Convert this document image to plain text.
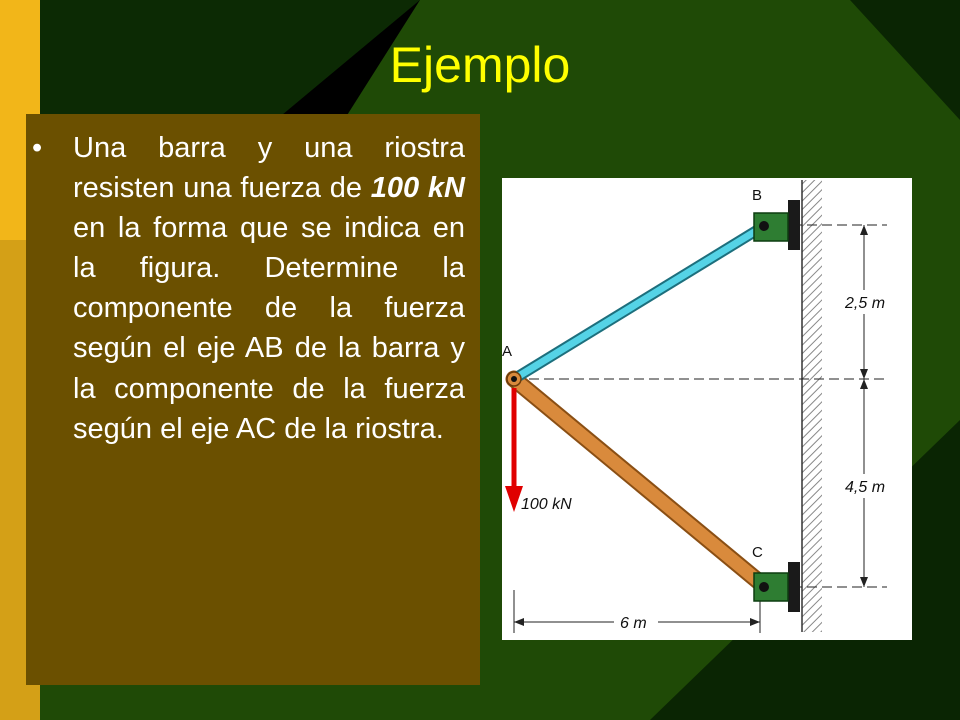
Ejemplo
• Una barra y una riostra resisten una fuerza de 100 kN en la forma que se indica en la figura. Determine la componente de la fuerza según el eje AB de la barra y la componente de la fuerza según el eje AC de la riostra.
2,5 m
4,5 m
6 m
B
C
A
100 kN
